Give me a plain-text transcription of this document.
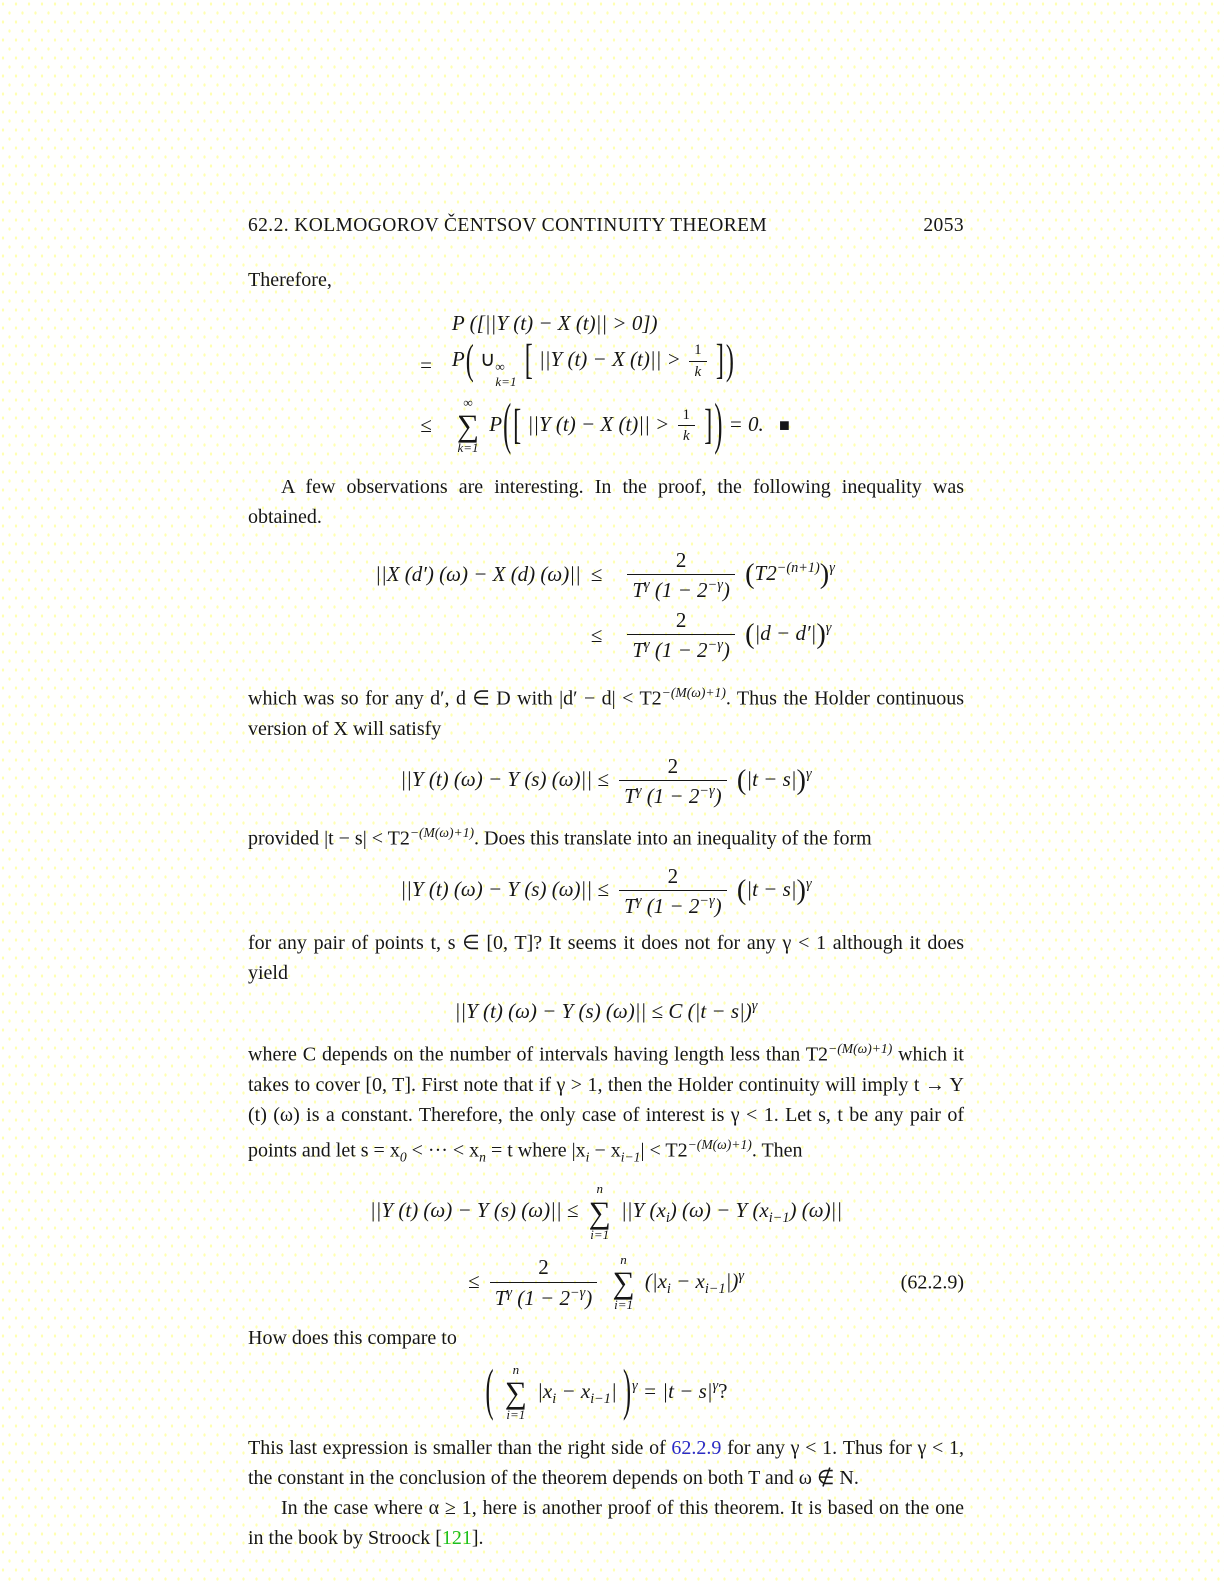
62.2. KOLMOGOROV ČENTSOV CONTINUITY THEOREM	2053

Therefore,

	P ([||Y (t) − X (t)|| > 0])
=	P( ∪ ∞
k=1 [ ||Y (t) − X $(t)|| > \frac{1}{k}$ ])
≤	
∞
∑
k=1
P([ ||Y (t) − X $(t)|| > \frac{1}{k}$ ]) = 0. ■

A few observations are interesting. In the proof, the following inequality was obtained.

||X (d′) (ω) − X (d) (ω)||	≤	$\frac{2}{T^\gamma (1 - 2^{-\gamma})} (T2^{-(n+1)})^\gamma$
	≤	$\frac{2}{T^\gamma (1 - 2^{-\gamma})} (|d - d'|)^\gamma$

which was so for any d′, d ∈ D with $|d' - d| < T2^{-(M(\omega)+1)}$. Thus the Holder continuous version of X will satisfy

||Y (t) (ω) − Y (s) $(\omega)|| \le \frac{2}{T^\gamma (1 - 2^{-\gamma})} (|t - s|)^\gamma$

provided $|t - s| < T2^{-(M(\omega)+1)}$. Does this translate into an inequality of the form

||Y (t) (ω) − Y (s) $(\omega)|| \le \frac{2}{T^\gamma (1 - 2^{-\gamma})} (|t - s|)^\gamma$

for any pair of points t, s ∈ [0, T]? It seems it does not for any γ < 1 although it does yield

||Y (t) (ω) − Y (s) (ω)|| ≤ C $(|t - s|)^\gamma$

where C depends on the number of intervals having length less than $T2^{-(M(\omega)+1)}$ which it takes to cover [0, T]. First note that if γ > 1, then the Holder continuity will imply t → Y (t) (ω) is a constant. Therefore, the only case of interest is γ < 1. Let s, t be any pair of points and let $s = x_0$ < ··· < $x_n = t$ where $|x_i - x_{i-1}| < T2^{-(M(\omega)+1)}$. Then

||Y (t) (ω) − Y (s) (ω)|| ≤
n
∑
i=1
||Y $(x_i) (\omega) - Y$ $(x_{i-1})$ (ω)||
≤ $\frac{2}{T^\gamma (1 - 2^{-\gamma})}$
n
∑
i=1
$(|x_i - x_{i-1}|)^\gamma$	(62.2.9)

How does this compare to

( n
∑
i=1
$|x_i - x_{i-1}|$ )$^\gamma = |t - s|^\gamma$?

This last expression is smaller than the right side of 62.2.9 for any γ < 1. Thus for γ < 1, the constant in the conclusion of the theorem depends on both T and ω ∉ N.

In the case where α ≥ 1, here is another proof of this theorem. It is based on the one in the book by Stroock [121].
